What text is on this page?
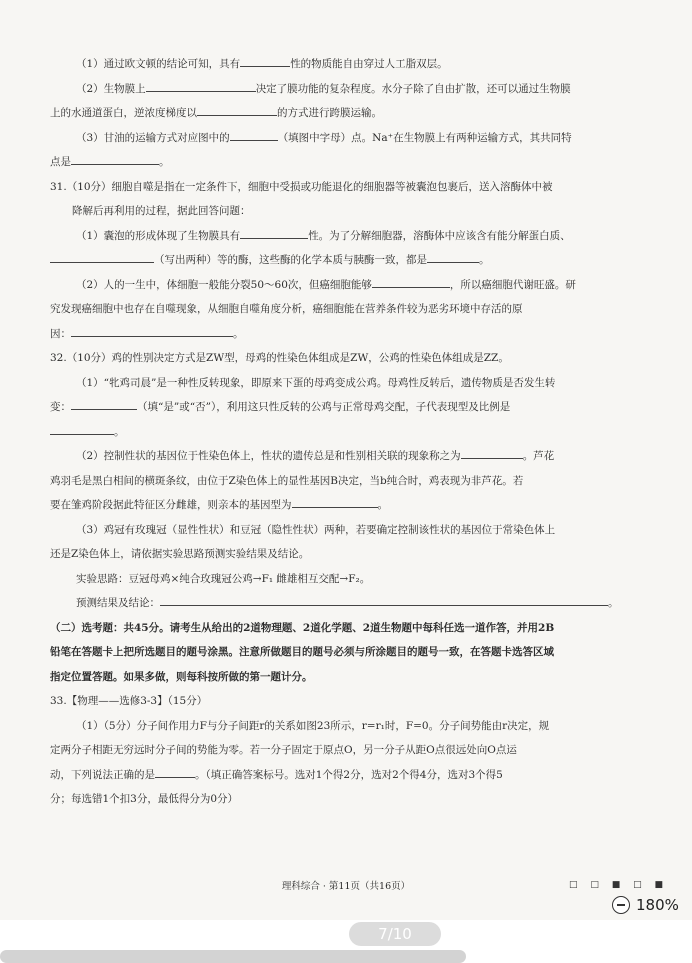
（1）通过欧文顿的结论可知，具有	性的物质能自由穿过人工脂双层。

（2）生物膜上	决定了膜功能的复杂程度。水分子除了自由扩散，还可以通过生物膜

上的水通道蛋白，逆浓度梯度以	的方式进行跨膜运输。

（3）甘油的运输方式对应图中的	（填图中字母）点。Na⁺在生物膜上有两种运输方式，其共同特

点是	。

31.（10分）细胞自噬是指在一定条件下，细胞中受损或功能退化的细胞器等被囊泡包裹后，送入溶酶体中被

降解后再利用的过程，据此回答问题：

（1）囊泡的形成体现了生物膜具有	性。为了分解细胞器，溶酶体中应该含有能分解蛋白质、

（写出两种）等的酶，这些酶的化学本质与胰酶一致，都是	。

（2）人的一生中，体细胞一般能分裂50～60次，但癌细胞能够	，所以癌细胞代谢旺盛。研

究发现癌细胞中也存在自噬现象，从细胞自噬角度分析，癌细胞能在营养条件较为恶劣环境中存活的原

因：	。

32.（10分）鸡的性别决定方式是ZW型，母鸡的性染色体组成是ZW，公鸡的性染色体组成是ZZ。

（1）“牝鸡司晨”是一种性反转现象，即原来下蛋的母鸡变成公鸡。母鸡性反转后，遗传物质是否发生转

变：	（填“是”或“否”），利用这只性反转的公鸡与正常母鸡交配，子代表现型及比例是

。

（2）控制性状的基因位于性染色体上，性状的遗传总是和性别相关联的现象称之为	。芦花

鸡羽毛是黑白相间的横斑条纹，由位于Z染色体上的显性基因B决定，当b纯合时，鸡表现为非芦花。若

要在雏鸡阶段据此特征区分雌雄，则亲本的基因型为	。

（3）鸡冠有玫瑰冠（显性性状）和豆冠（隐性性状）两种，若要确定控制该性状的基因位于常染色体上

还是Z染色体上，请依据实验思路预测实验结果及结论。

实验思路：豆冠母鸡×纯合玫瑰冠公鸡→F₁ 雌雄相互交配→F₂。

预测结果及结论：	。

（二）选考题：共45分。请考生从给出的2道物理题、2道化学题、2道生物题中每科任选一道作答，并用2B

铅笔在答题卡上把所选题目的题号涂黑。注意所做题目的题号必须与所涂题目的题号一致，在答题卡选答区域

指定位置答题。如果多做，则每科按所做的第一题计分。

33.【物理——选修3-3】（15分）

（1）（5分）分子间作用力F与分子间距r的关系如图23所示，r=r₁时，F=0。分子间势能由r决定，规

定两分子相距无穷远时分子间的势能为零。若一分子固定于原点O，另一分子从距O点很远处向O点运

动，下列说法正确的是	。（填正确答案标号。选对1个得2分，选对2个得4分，选对3个得5

分；每选错1个扣3分，最低得分为0分）

理科综合 · 第11页（共16页）	□ □ ■ □ ■
180%
7/10
